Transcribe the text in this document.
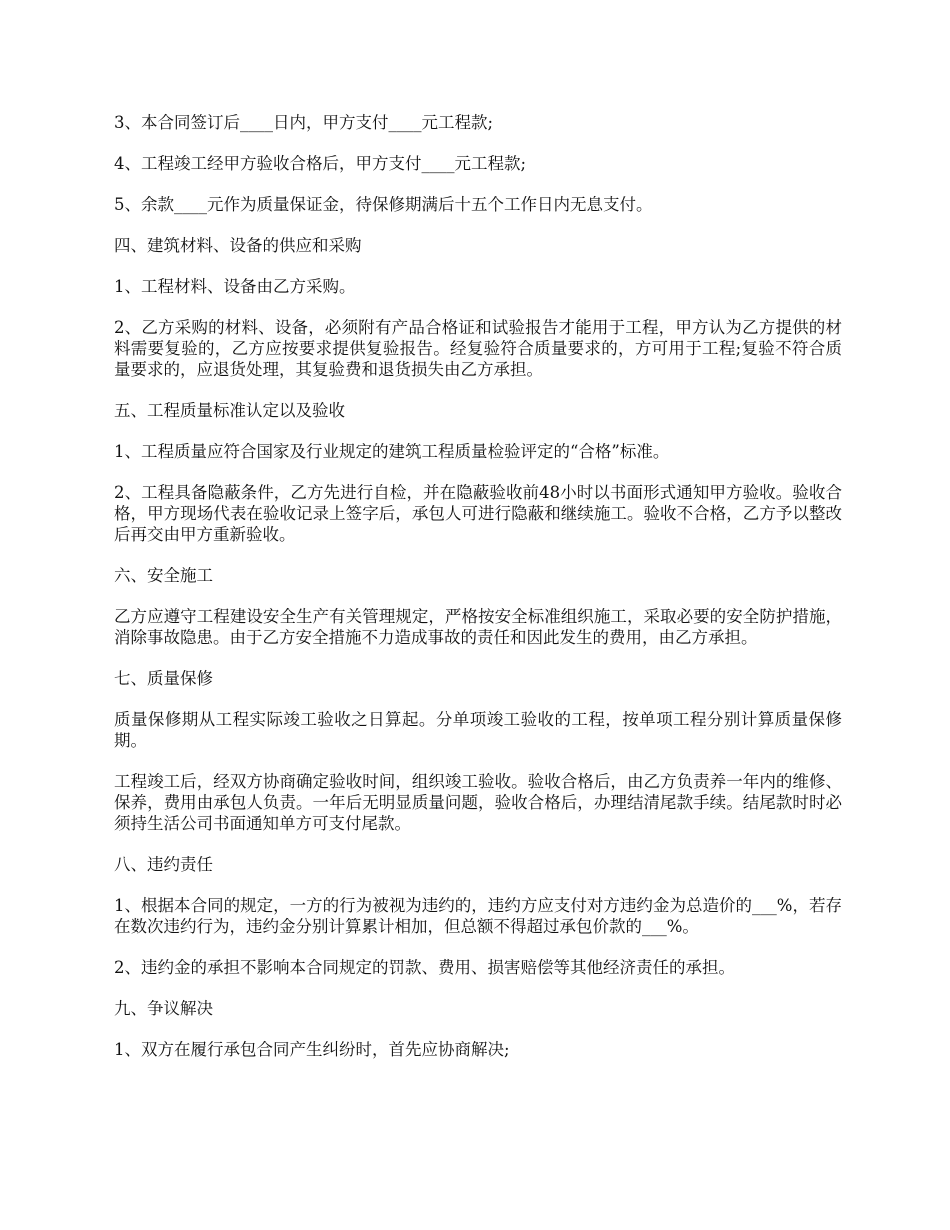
3、本合同签订后____日内，甲方支付____元工程款;

4、工程竣工经甲方验收合格后，甲方支付____元工程款;

5、余款____元作为质量保证金，待保修期满后十五个工作日内无息支付。

四、建筑材料、设备的供应和采购

1、工程材料、设备由乙方采购。

2、乙方采购的材料、设备，必须附有产品合格证和试验报告才能用于工程，甲方认为乙方提供的材料需要复验的，乙方应按要求提供复验报告。经复验符合质量要求的，方可用于工程;复验不符合质量要求的，应退货处理，其复验费和退货损失由乙方承担。

五、工程质量标准认定以及验收

1、工程质量应符合国家及行业规定的建筑工程质量检验评定的“合格”标准。

2、工程具备隐蔽条件，乙方先进行自检，并在隐蔽验收前48小时以书面形式通知甲方验收。验收合格，甲方现场代表在验收记录上签字后，承包人可进行隐蔽和继续施工。验收不合格，乙方予以整改后再交由甲方重新验收。

六、安全施工

乙方应遵守工程建设安全生产有关管理规定，严格按安全标准组织施工，采取必要的安全防护措施，消除事故隐患。由于乙方安全措施不力造成事故的责任和因此发生的费用，由乙方承担。

七、质量保修

质量保修期从工程实际竣工验收之日算起。分单项竣工验收的工程，按单项工程分别计算质量保修期。

工程竣工后，经双方协商确定验收时间，组织竣工验收。验收合格后，由乙方负责养一年内的维修、保养，费用由承包人负责。一年后无明显质量问题，验收合格后，办理结清尾款手续。结尾款时时必须持生活公司书面通知单方可支付尾款。

八、违约责任

1、根据本合同的规定，一方的行为被视为违约的，违约方应支付对方违约金为总造价的___%，若存在数次违约行为，违约金分别计算累计相加，但总额不得超过承包价款的___%。

2、违约金的承担不影响本合同规定的罚款、费用、损害赔偿等其他经济责任的承担。

九、争议解决

1、双方在履行承包合同产生纠纷时，首先应协商解决;
